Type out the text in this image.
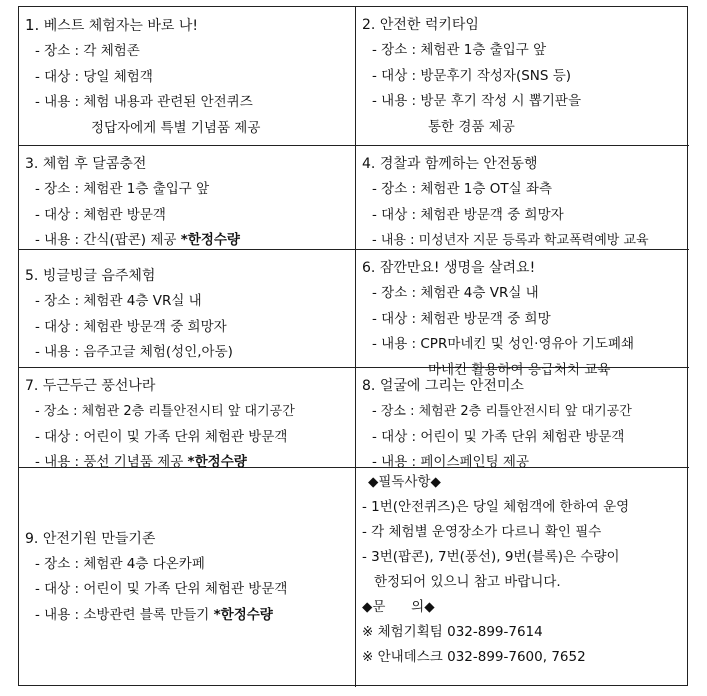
1. 베스트 체험자는 바로 나!
- 장소 : 각 체험존
- 대상 : 당일 체험객
- 내용 : 체험 내용과 관련된 안전퀴즈
정답자에게 특별 기념품 제공
2. 안전한 럭키타임
- 장소 : 체험관 1층 출입구 앞
- 대상 : 방문후기 작성자(SNS 등)
- 내용 : 방문 후기 작성 시 뽑기판을
통한 경품 제공
3. 체험 후 달콤충전
- 장소 : 체험관 1층 출입구 앞
- 대상 : 체험관 방문객
- 내용 : 간식(팝콘) 제공 *한정수량
4. 경찰과 함께하는 안전동행
- 장소 : 체험관 1층 OT실 좌측
- 대상 : 체험관 방문객 중 희망자
- 내용 : 미성년자 지문 등록과 학교폭력예방 교육
5. 빙글빙글 음주체험
- 장소 : 체험관 4층 VR실 내
- 대상 : 체험관 방문객 중 희망자
- 내용 : 음주고글 체험(성인,아동)
6. 잠깐만요! 생명을 살려요!
- 장소 : 체험관 4층 VR실 내
- 대상 : 체험관 방문객 중 희망
- 내용 : CPR마네킨 및 성인·영유아 기도폐쇄
마네킨 활용하여 응급처치 교육
7. 두근두근 풍선나라
- 장소 : 체험관 2층 리틀안전시티 앞 대기공간
- 대상 : 어린이 및 가족 단위 체험관 방문객
- 내용 : 풍선 기념품 제공 *한정수량
8. 얼굴에 그리는 안전미소
- 장소 : 체험관 2층 리틀안전시티 앞 대기공간
- 대상 : 어린이 및 가족 단위 체험관 방문객
- 내용 : 페이스페인팅 제공
9. 안전기원 만들기존
- 장소 : 체험관 4층 다온카페
- 대상 : 어린이 및 가족 단위 체험관 방문객
- 내용 : 소방관련 블록 만들기 *한정수량
◆필독사항◆
- 1번(안전퀴즈)은 당일 체험객에 한하여 운영
- 각 체험별 운영장소가 다르니 확인 필수
- 3번(팝콘), 7번(풍선), 9번(블록)은 수량이
한정되어 있으니 참고 바랍니다.
◆문      의◆
※ 체험기획팀 032-899-7614
※ 안내데스크 032-899-7600, 7652
